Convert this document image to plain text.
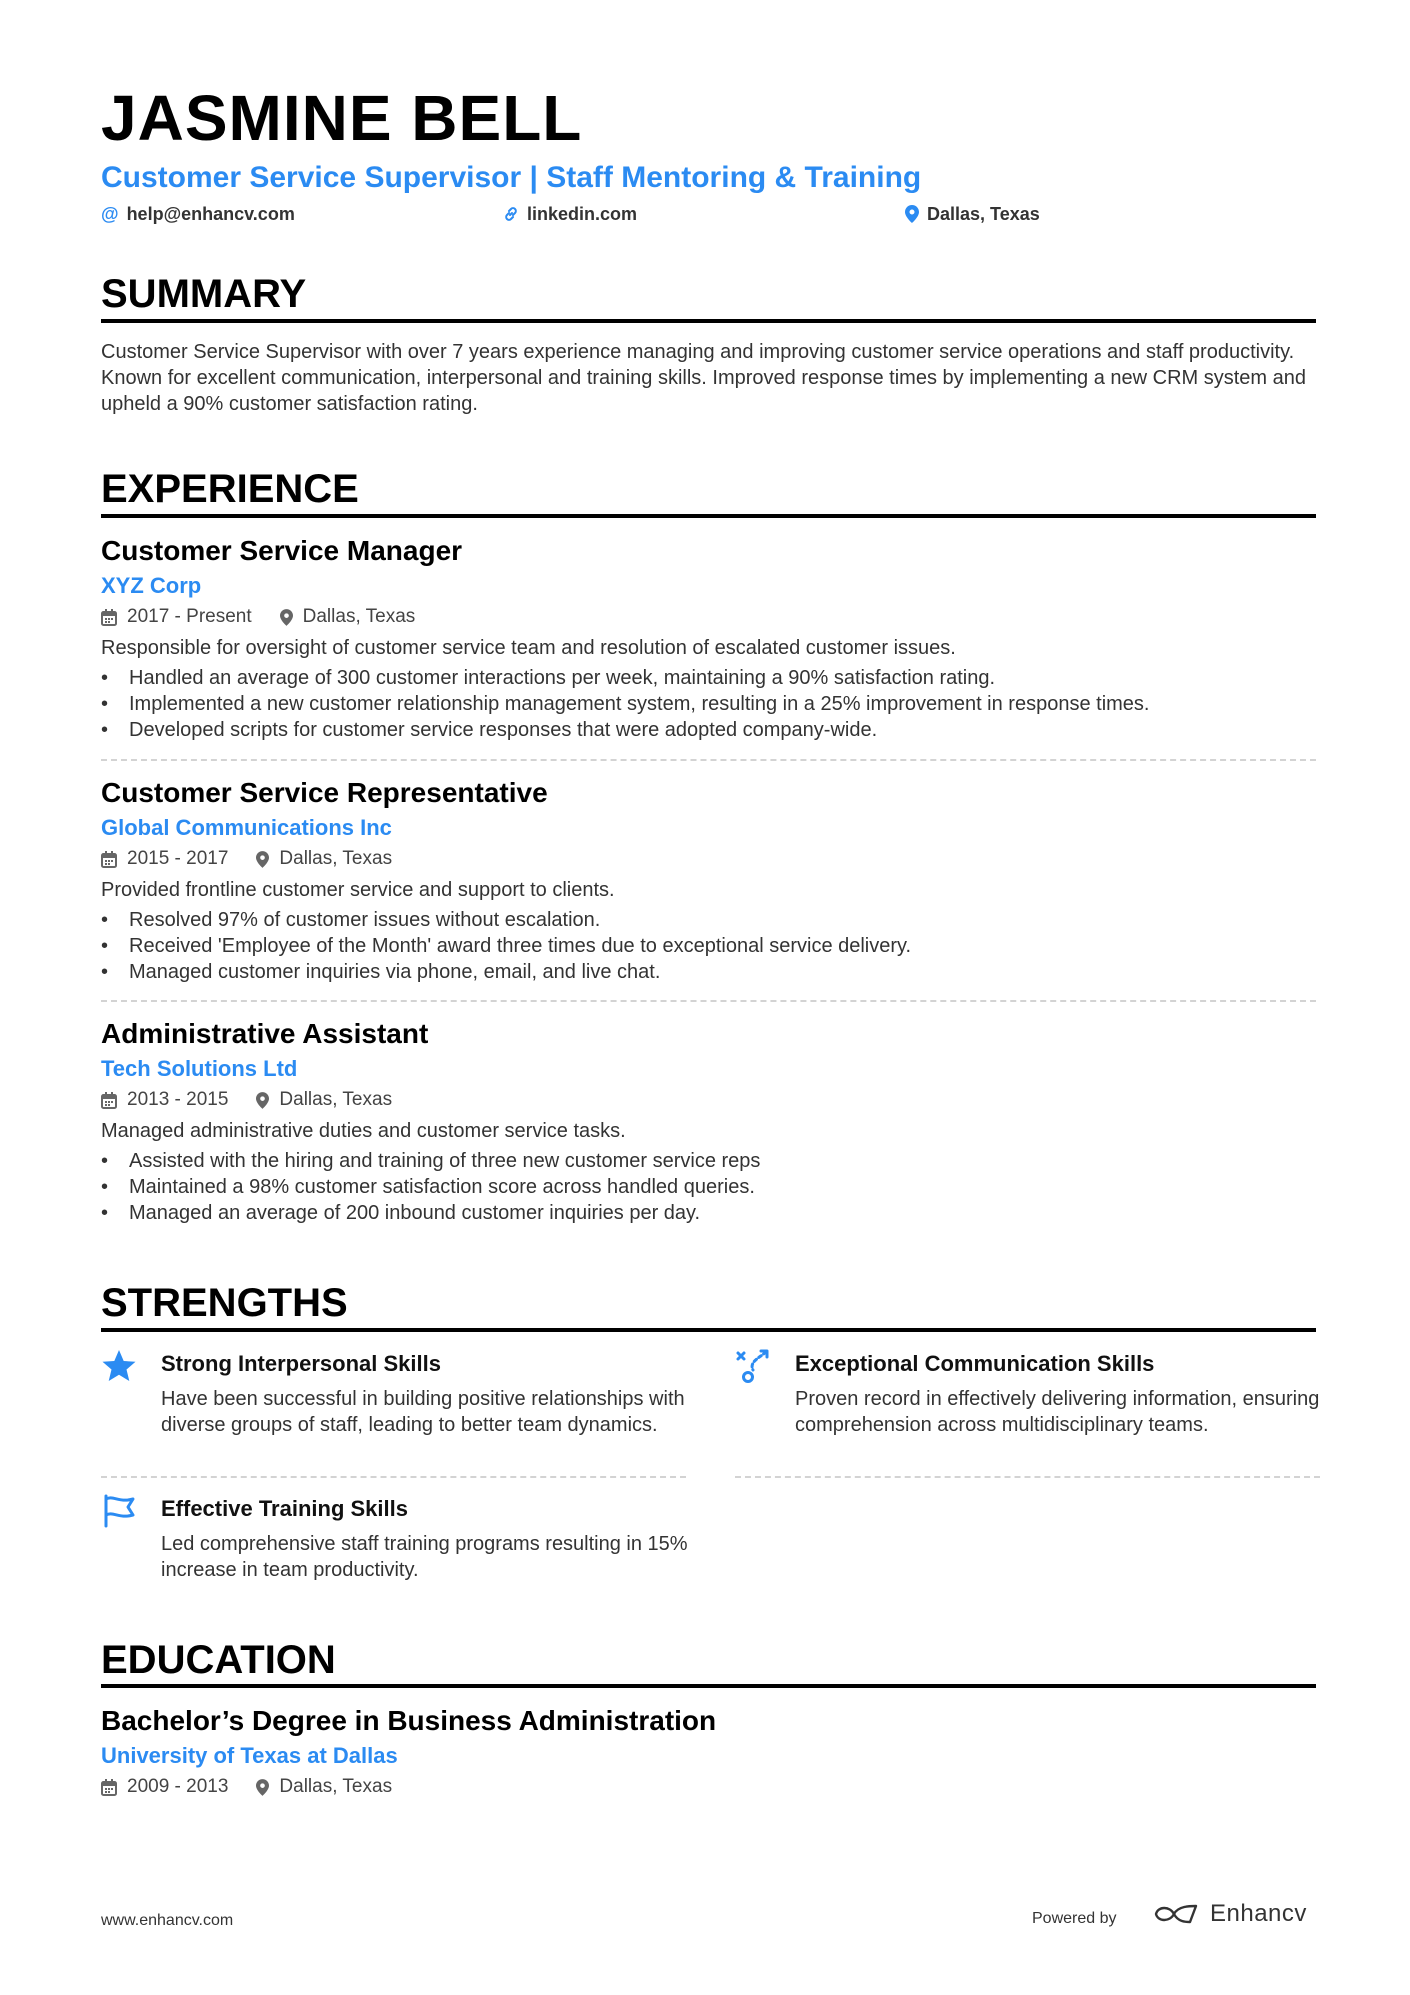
JASMINE BELL
Customer Service Supervisor | Staff Mentoring & Training
@ help@enhancv.com	linkedin.com	Dallas, Texas
SUMMARY

Customer Service Supervisor with over 7 years experience managing and improving customer service operations and staff productivity. Known for excellent communication, interpersonal and training skills. Improved response times by implementing a new CRM system and upheld a 90% customer satisfaction rating.

EXPERIENCE
Customer Service Manager
XYZ Corp
2017 - Present	Dallas, Texas

Responsible for oversight of customer service team and resolution of escalated customer issues.

• Handled an average of 300 customer interactions per week, maintaining a 90% satisfaction rating.
• Implemented a new customer relationship management system, resulting in a 25% improvement in response times.
• Developed scripts for customer service responses that were adopted company-wide.
Customer Service Representative
Global Communications Inc
2015 - 2017	Dallas, Texas

Provided frontline customer service and support to clients.

• Resolved 97% of customer issues without escalation.
• Received 'Employee of the Month' award three times due to exceptional service delivery.
• Managed customer inquiries via phone, email, and live chat.
Administrative Assistant
Tech Solutions Ltd
2013 - 2015	Dallas, Texas

Managed administrative duties and customer service tasks.

• Assisted with the hiring and training of three new customer service reps
• Maintained a 98% customer satisfaction score across handled queries.
• Managed an average of 200 inbound customer inquiries per day.
STRENGTHS
Strong Interpersonal Skills

Have been successful in building positive relationships with diverse groups of staff, leading to better team dynamics.

Exceptional Communication Skills

Proven record in effectively delivering information, ensuring comprehension across multidisciplinary teams.

Effective Training Skills

Led comprehensive staff training programs resulting in 15% increase in team productivity.

EDUCATION
Bachelor’s Degree in Business Administration
University of Texas at Dallas
2009 - 2013	Dallas, Texas
www.enhancv.com	Powered by	Enhancv
